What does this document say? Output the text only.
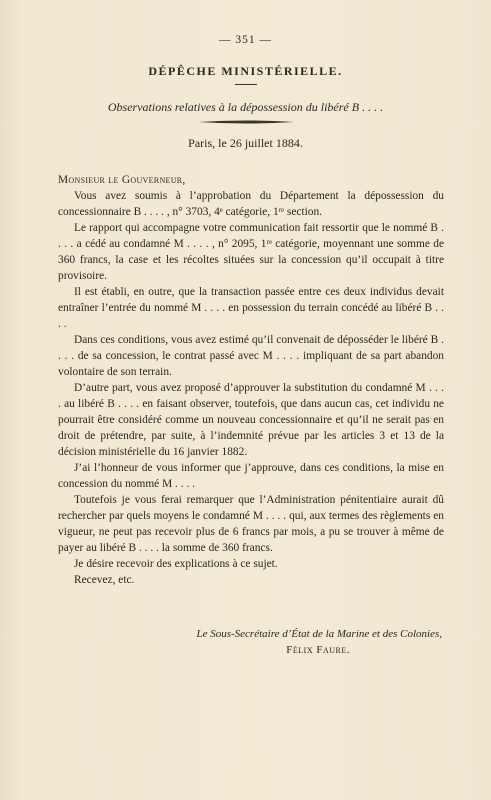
— 351 —
DÉPÊCHE MINISTÉRIELLE.
Observations relatives à la dépossession du libéré B . . . .
Paris, le 26 juillet 1884.

Monsieur le Gouverneur,

Vous avez soumis à l’approbation du Département la dépossession du concessionnaire B . . . . , n° 3703, 4ᵉ catégorie, 1ʳᵉ section.

Le rapport qui accompagne votre communication fait ressortir que le nommé B . . . . a cédé au condamné M . . . . , n° 2095, 1ʳᵉ catégorie, moyennant une somme de 360 francs, la case et les récoltes situées sur la concession qu’il occupait à titre provisoire.

Il est établi, en outre, que la transaction passée entre ces deux individus devait entraîner l’entrée du nommé M . . . . en possession du terrain concédé au libéré B . . . .

Dans ces conditions, vous avez estimé qu’il convenait de déposséder le libéré B . . . . de sa concession, le contrat passé avec M . . . . impliquant de sa part abandon volontaire de son terrain.

D’autre part, vous avez proposé d’approuver la substitution du condamné M . . . . au libéré B . . . . en faisant observer, toutefois, que dans aucun cas, cet individu ne pourrait être considéré comme un nouveau concessionnaire et qu’il ne serait pas en droit de prétendre, par suite, à l’indemnité prévue par les articles 3 et 13 de la décision ministérielle du 16 janvier 1882.

J’ai l’honneur de vous informer que j’approuve, dans ces conditions, la mise en concession du nommé M . . . .

Toutefois je vous ferai remarquer que l’Administration pénitentiaire aurait dû rechercher par quels moyens le condamné M . . . . qui, aux termes des règlements en vigueur, ne peut pas recevoir plus de 6 francs par mois, a pu se trouver à même de payer au libéré B . . . . la somme de 360 francs.

Je désire recevoir des explications à ce sujet.

Recevez, etc.

Le Sous-Secrétaire d’État de la Marine et des Colonies,
Félix Faure.
